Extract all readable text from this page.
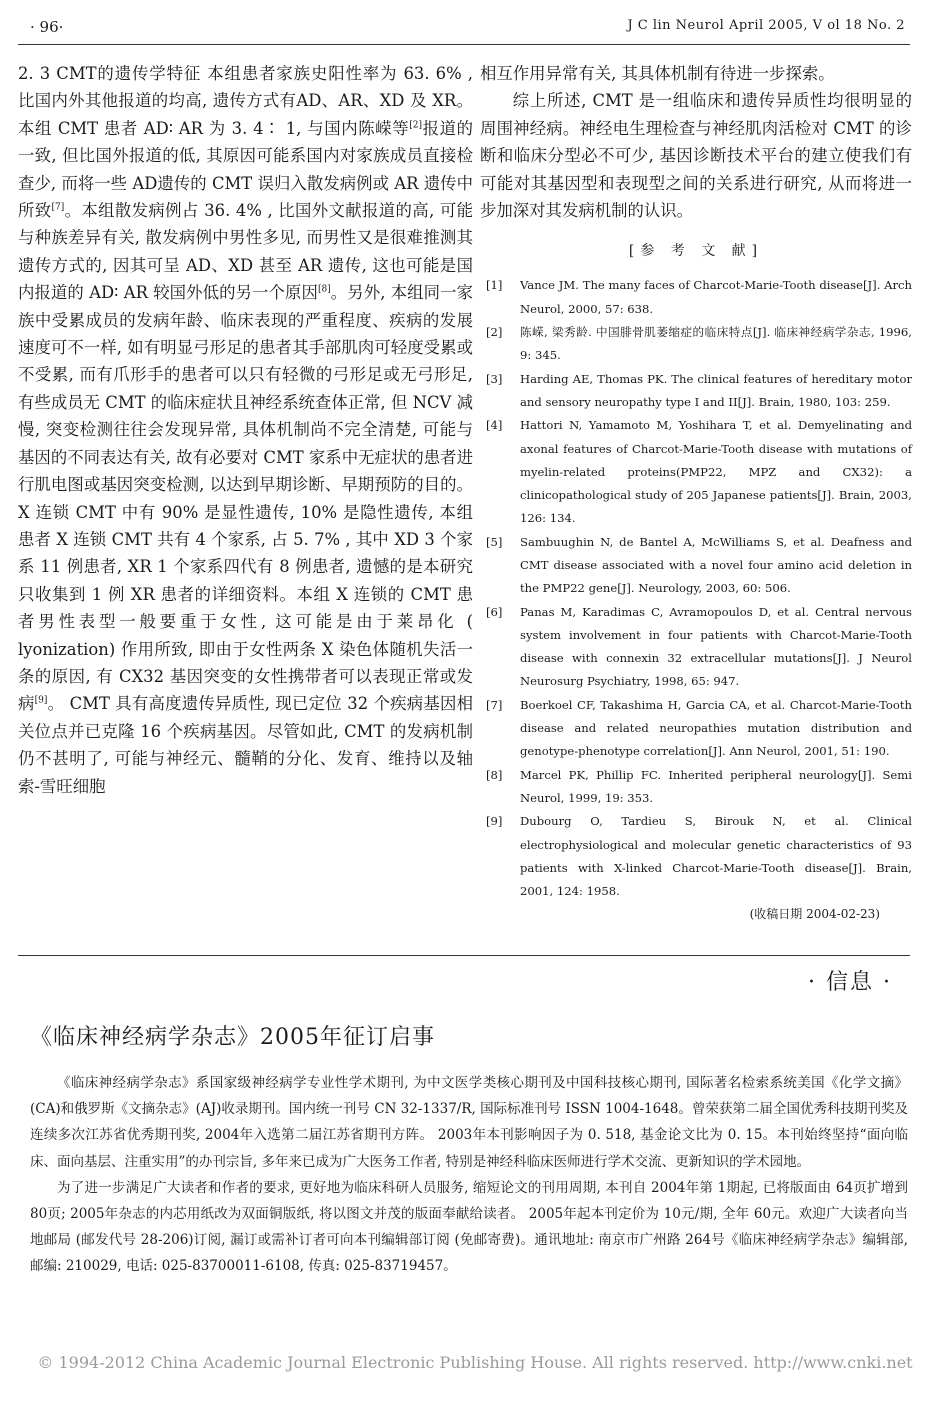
· 96·	J C lin Neurol April 2005, V ol 18 No. 2

2. 3 CMT的遗传学特征 本组患者家族史阳性率为 63. 6% , 比国内外其他报道的均高, 遗传方式有AD、AR、XD 及 XR。本组 CMT 患者 AD∶ AR 为 3. 4∶ 1, 与国内陈嵘等[2]报道的一致, 但比国外报道的低, 其原因可能系国内对家族成员直接检查少, 而将一些 AD遗传的 CMT 误归入散发病例或 AR 遗传中所致[7]。本组散发病例占 36. 4% , 比国外文献报道的高, 可能与种族差异有关, 散发病例中男性多见, 而男性又是很难推测其遗传方式的, 因其可呈 AD、XD 甚至 AR 遗传, 这也可能是国内报道的 AD∶ AR 较国外低的另一个原因[8]。另外, 本组同一家族中受累成员的发病年龄、临床表现的严重程度、疾病的发展速度可不一样, 如有明显弓形足的患者其手部肌肉可轻度受累或不受累, 而有爪形手的患者可以只有轻微的弓形足或无弓形足, 有些成员无 CMT 的临床症状且神经系统查体正常, 但 NCV 减慢, 突变检测往往会发现异常, 具体机制尚不完全清楚, 可能与基因的不同表达有关, 故有必要对 CMT 家系中无症状的患者进行肌电图或基因突变检测, 以达到早期诊断、早期预防的目的。 X 连锁 CMT 中有 90% 是显性遗传, 10% 是隐性遗传, 本组患者 X 连锁 CMT 共有 4 个家系, 占 5. 7% , 其中 XD 3 个家系 11 例患者, XR 1 个家系四代有 8 例患者, 遗憾的是本研究只收集到 1 例 XR 患者的详细资料。本组 X 连锁的 CMT 患者男性表型一般要重于女性, 这可能是由于莱昂化 ( lyonization) 作用所致, 即由于女性两条 X 染色体随机失活一条的原因, 有 CX32 基因突变的女性携带者可以表现正常或发病[9]。 CMT 具有高度遗传异质性, 现已定位 32 个疾病基因相关位点并已克隆 16 个疾病基因。尽管如此, CMT 的发病机制仍不甚明了, 可能与神经元、髓鞘的分化、发育、维持以及轴索-雪旺细胞

相互作用异常有关, 其具体机制有待进一步探索。

综上所述, CMT 是一组临床和遗传异质性均很明显的周围神经病。神经电生理检查与神经肌肉活检对 CMT 的诊断和临床分型必不可少, 基因诊断技术平台的建立使我们有可能对其基因型和表现型之间的关系进行研究, 从而将进一步加深对其发病机制的认识。

[参 考 文 献]
[1] Vance JM. The many faces of Charcot-Marie-Tooth disease[J]. Arch Neurol, 2000, 57: 638.
[2] 陈嵘, 梁秀龄. 中国腓骨肌萎缩症的临床特点[J]. 临床神经病学杂志, 1996, 9: 345.
[3] Harding AE, Thomas PK. The clinical features of hereditary motor and sensory neuropathy type I and II[J]. Brain, 1980, 103: 259.
[4] Hattori N, Yamamoto M, Yoshihara T, et al. Demyelinating and axonal features of Charcot-Marie-Tooth disease with mutations of myelin-related proteins(PMP22, MPZ and CX32): a clinicopathological study of 205 Japanese patients[J]. Brain, 2003, 126: 134.
[5] Sambuughin N, de Bantel A, McWilliams S, et al. Deafness and CMT disease associated with a novel four amino acid deletion in the PMP22 gene[J]. Neurology, 2003, 60: 506.
[6] Panas M, Karadimas C, Avramopoulos D, et al. Central nervous system involvement in four patients with Charcot-Marie-Tooth disease with connexin 32 extracellular mutations[J]. J Neurol Neurosurg Psychiatry, 1998, 65: 947.
[7] Boerkoel CF, Takashima H, Garcia CA, et al. Charcot-Marie-Tooth disease and related neuropathies mutation distribution and genotype-phenotype correlation[J]. Ann Neurol, 2001, 51: 190.
[8] Marcel PK, Phillip FC. Inherited peripheral neurology[J]. Semi Neurol, 1999, 19: 353.
[9] Dubourg O, Tardieu S, Birouk N, et al. Clinical electrophysiological and molecular genetic characteristics of 93 patients with X-linked Charcot-Marie-Tooth disease[J]. Brain, 2001, 124: 1958.
(收稿日期 2004-02-23)
· 信息 ·
《临床神经病学杂志》2005年征订启事

《临床神经病学杂志》系国家级神经病学专业性学术期刊, 为中文医学类核心期刊及中国科技核心期刊, 国际著名检索系统美国《化学文摘》(CA)和俄罗斯《文摘杂志》(AJ)收录期刊。国内统一刊号 CN 32-1337/R, 国际标准刊号 ISSN 1004-1648。曾荣获第二届全国优秀科技期刊奖及连续多次江苏省优秀期刊奖, 2004年入选第二届江苏省期刊方阵。 2003年本刊影响因子为 0. 518, 基金论文比为 0. 15。本刊始终坚持“面向临床、面向基层、注重实用”的办刊宗旨, 多年来已成为广大医务工作者, 特别是神经科临床医师进行学术交流、更新知识的学术园地。

为了进一步满足广大读者和作者的要求, 更好地为临床科研人员服务, 缩短论文的刊用周期, 本刊自 2004年第 1期起, 已将版面由 64页扩增到 80页; 2005年杂志的内芯用纸改为双面铜版纸, 将以图文并茂的版面奉献给读者。 2005年起本刊定价为 10元/期, 全年 60元。欢迎广大读者向当地邮局 (邮发代号 28-206)订阅, 漏订或需补订者可向本刊编辑部订阅 (免邮寄费)。通讯地址: 南京市广州路 264号《临床神经病学杂志》编辑部, 邮编: 210029, 电话: 025-83700011-6108, 传真: 025-83719457。

© 1994-2012 China Academic Journal Electronic Publishing House. All rights reserved. http://www.cnki.net
